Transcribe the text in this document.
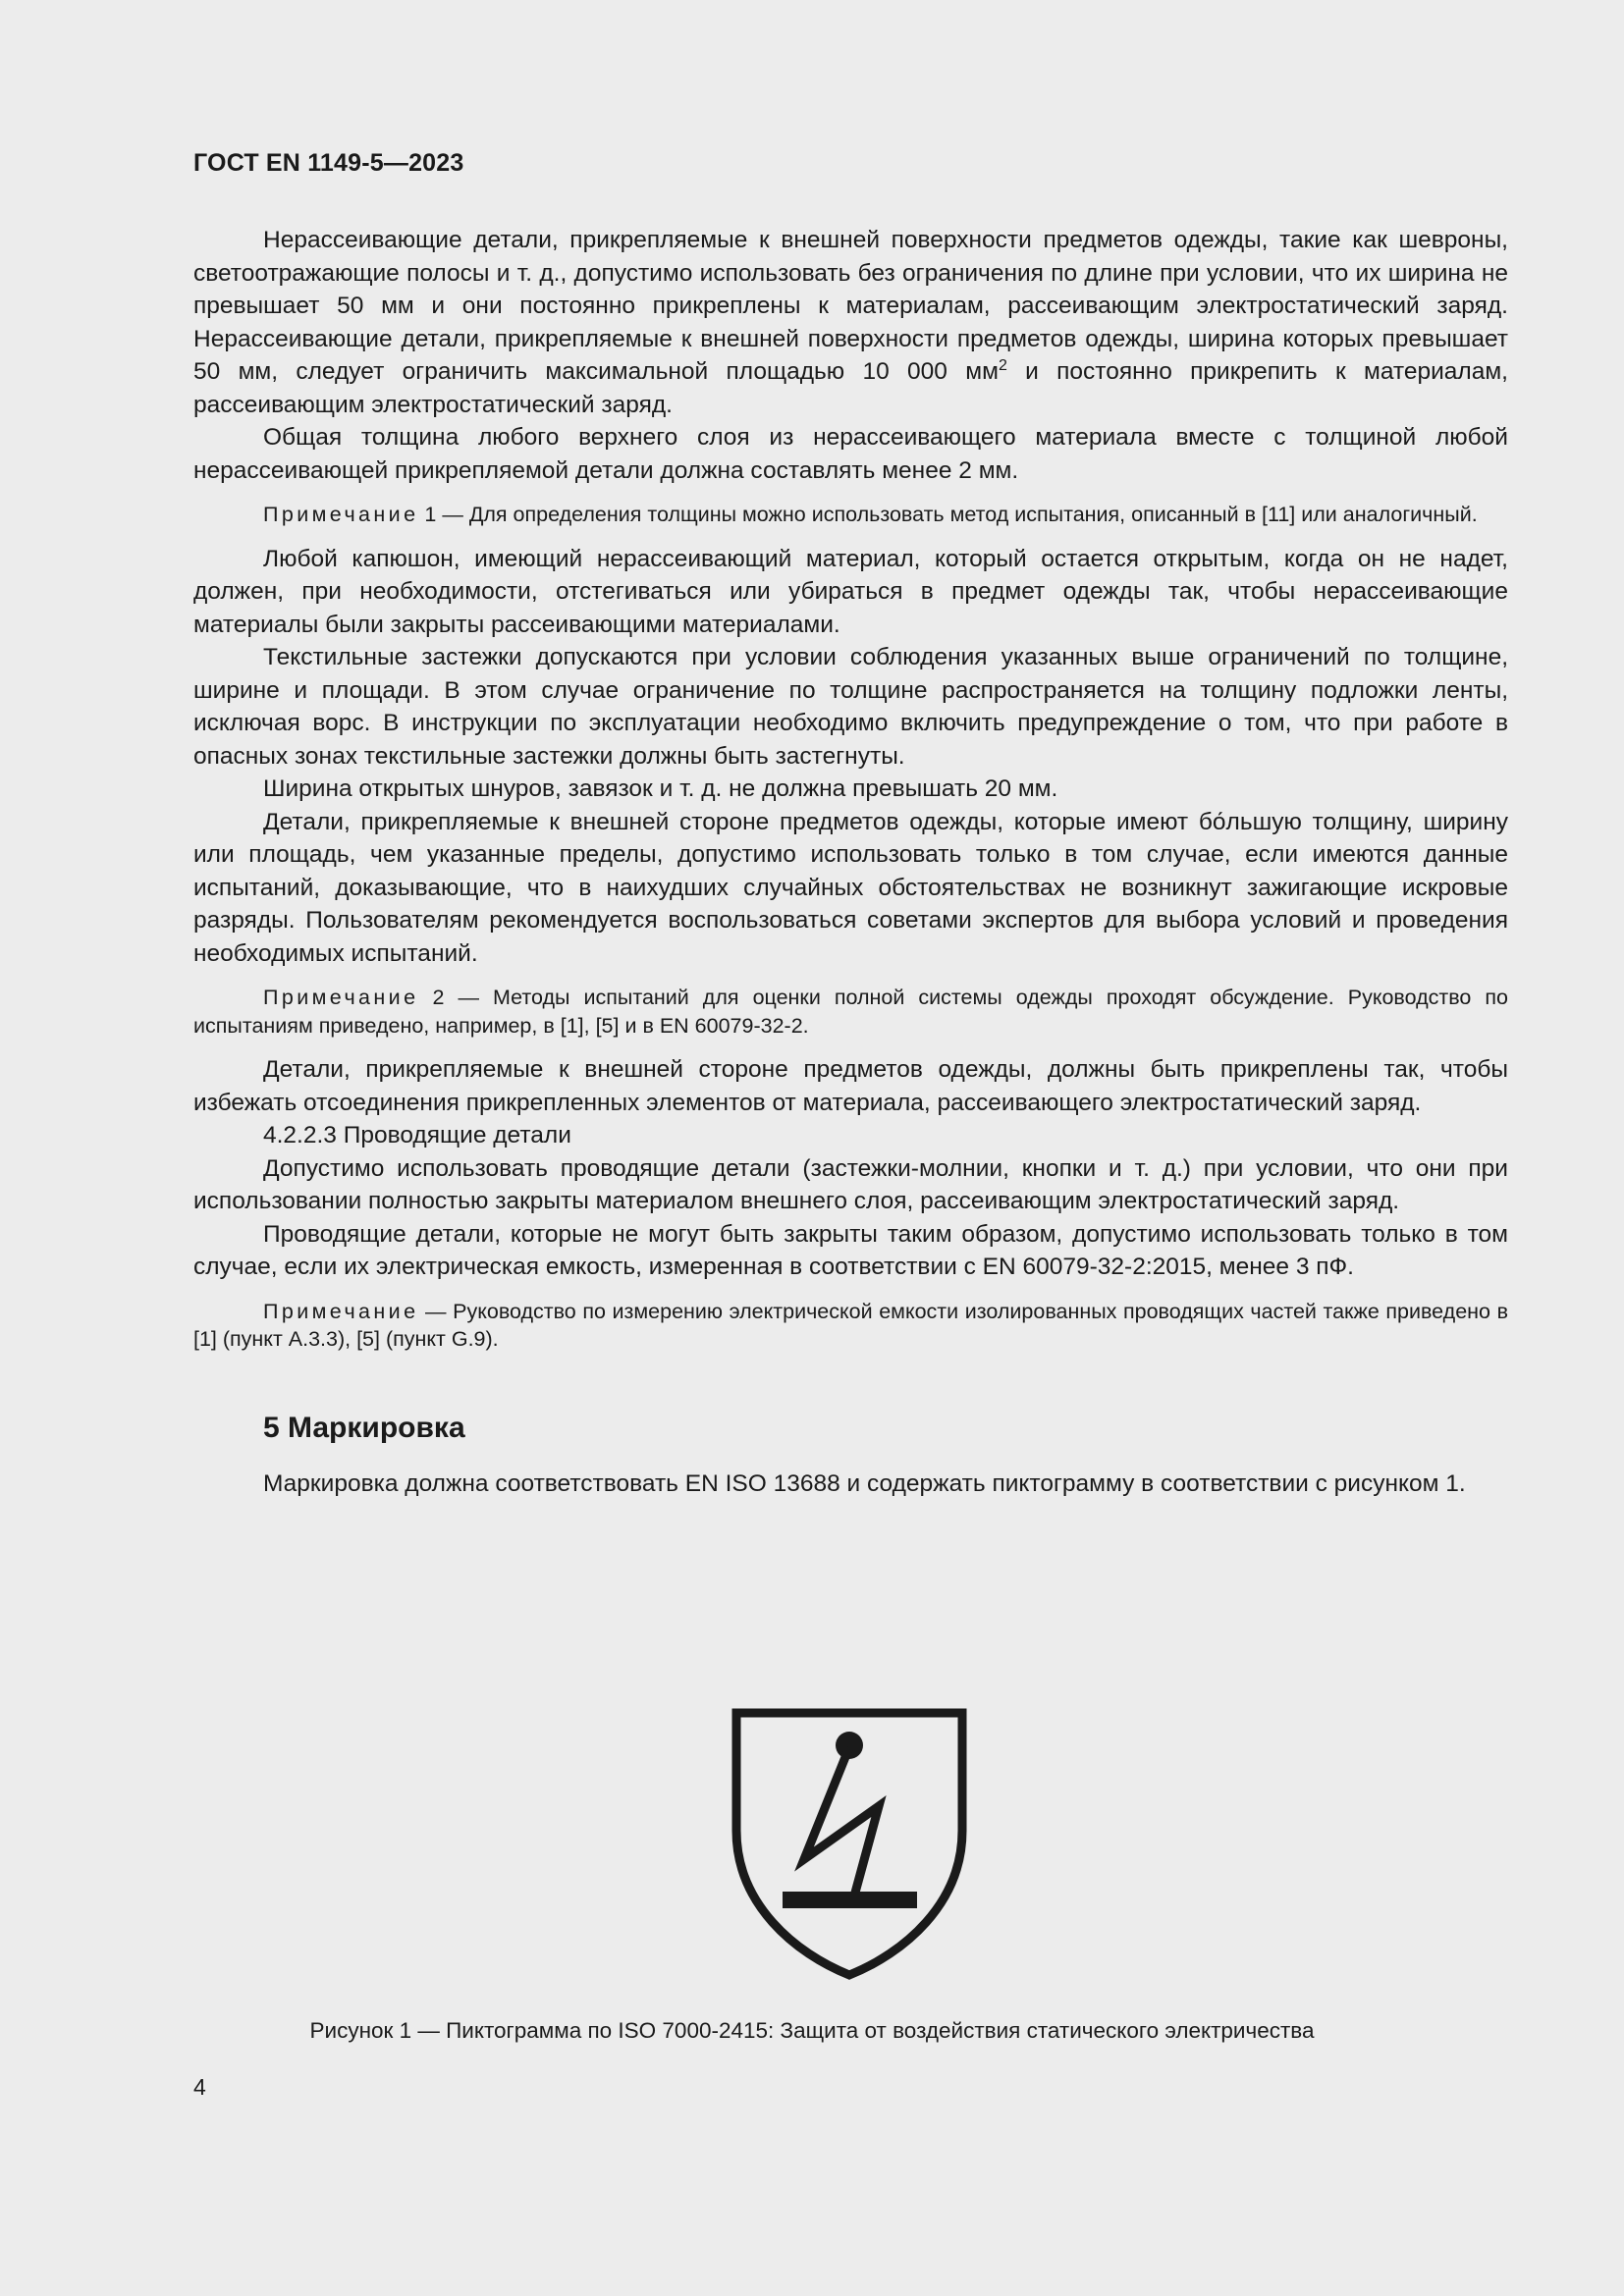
ГОСТ EN 1149-5—2023

Нерассеивающие детали, прикрепляемые к внешней поверхности предметов одежды, такие как шевроны, светоотражающие полосы и т. д., допустимо использовать без ограничения по длине при условии, что их ширина не превышает 50 мм и они постоянно прикреплены к материалам, рассеивающим электростатический заряд. Нерассеивающие детали, прикрепляемые к внешней поверхности предметов одежды, ширина которых превышает 50 мм, следует ограничить максимальной площадью 10 000 $мм^2$ и постоянно прикрепить к материалам, рассеивающим электростатический заряд.

Общая толщина любого верхнего слоя из нерассеивающего материала вместе с толщиной любой нерассеивающей прикрепляемой детали должна составлять менее 2 мм.

Примечание 1 — Для определения толщины можно использовать метод испытания, описанный в [11] или аналогичный.

Любой капюшон, имеющий нерассеивающий материал, который остается открытым, когда он не надет, должен, при необходимости, отстегиваться или убираться в предмет одежды так, чтобы нерассеивающие материалы были закрыты рассеивающими материалами.

Текстильные застежки допускаются при условии соблюдения указанных выше ограничений по толщине, ширине и площади. В этом случае ограничение по толщине распространяется на толщину подложки ленты, исключая ворс. В инструкции по эксплуатации необходимо включить предупреждение о том, что при работе в опасных зонах текстильные застежки должны быть застегнуты.

Ширина открытых шнуров, завязок и т. д. не должна превышать 20 мм.

Детали, прикрепляемые к внешней стороне предметов одежды, которые имеют бо́льшую толщину, ширину или площадь, чем указанные пределы, допустимо использовать только в том случае, если имеются данные испытаний, доказывающие, что в наихудших случайных обстоятельствах не возникнут зажигающие искровые разряды. Пользователям рекомендуется воспользоваться советами экспертов для выбора условий и проведения необходимых испытаний.

Примечание 2 — Методы испытаний для оценки полной системы одежды проходят обсуждение. Руководство по испытаниям приведено, например, в [1], [5] и в EN 60079-32-2.

Детали, прикрепляемые к внешней стороне предметов одежды, должны быть прикреплены так, чтобы избежать отсоединения прикрепленных элементов от материала, рассеивающего электростатический заряд.

4.2.2.3 Проводящие детали

Допустимо использовать проводящие детали (застежки-молнии, кнопки и т. д.) при условии, что они при использовании полностью закрыты материалом внешнего слоя, рассеивающим электростатический заряд.

Проводящие детали, которые не могут быть закрыты таким образом, допустимо использовать только в том случае, если их электрическая емкость, измеренная в соответствии с EN 60079-32-2:2015, менее 3 пФ.

Примечание — Руководство по измерению электрической емкости изолированных проводящих частей также приведено в [1] (пункт A.3.3), [5] (пункт G.9).

5 Маркировка

Маркировка должна соответствовать EN ISO 13688 и содержать пиктограмму в соответствии с рисунком 1.

Рисунок 1 — Пиктограмма по ISO 7000-2415: Защита от воздействия статического электричества
4
